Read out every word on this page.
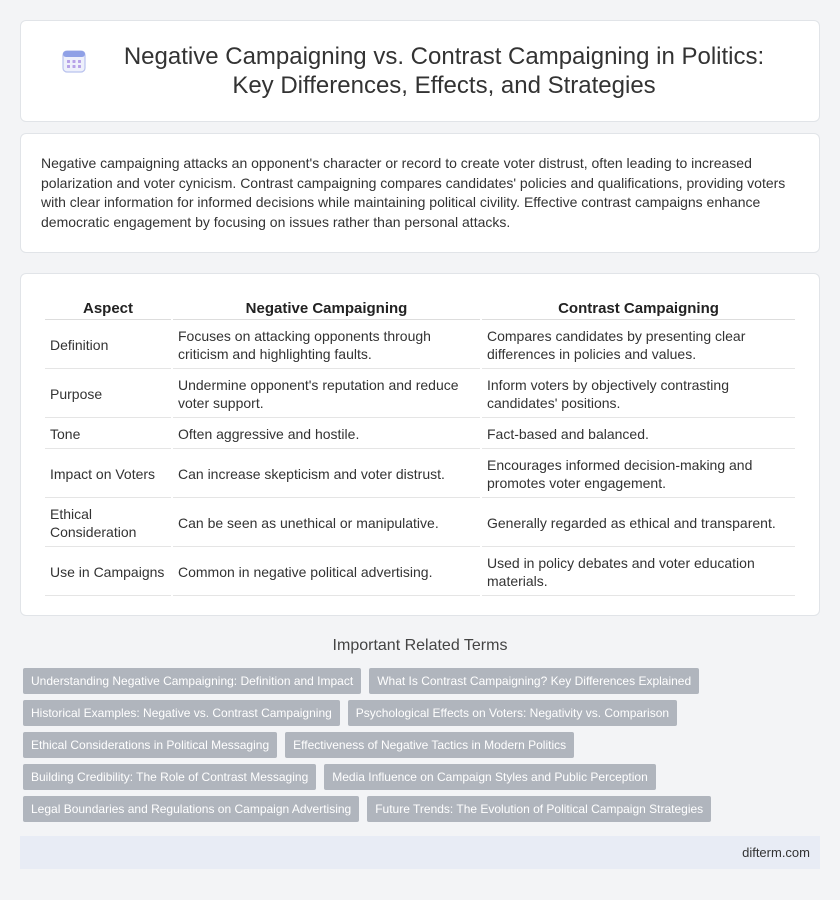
Negative Campaigning vs. Contrast Campaigning in Politics: Key Differences, Effects, and Strategies

Negative campaigning attacks an opponent's character or record to create voter distrust, often leading to increased polarization and voter cynicism. Contrast campaigning compares candidates' policies and qualifications, providing voters with clear information for informed decisions while maintaining political civility. Effective contrast campaigns enhance democratic engagement by focusing on issues rather than personal attacks.

Aspect	Negative Campaigning	Contrast Campaigning
Definition	Focuses on attacking opponents through criticism and highlighting faults.	Compares candidates by presenting clear differences in policies and values.
Purpose	Undermine opponent's reputation and reduce voter support.	Inform voters by objectively contrasting candidates' positions.
Tone	Often aggressive and hostile.	Fact-based and balanced.
Impact on Voters	Can increase skepticism and voter distrust.	Encourages informed decision-making and promotes voter engagement.
Ethical Consideration	Can be seen as unethical or manipulative.	Generally regarded as ethical and transparent.
Use in Campaigns	Common in negative political advertising.	Used in policy debates and voter education materials.
Important Related Terms
Understanding Negative Campaigning: Definition and Impact	What Is Contrast Campaigning? Key Differences Explained
Historical Examples: Negative vs. Contrast Campaigning	Psychological Effects on Voters: Negativity vs. Comparison
Ethical Considerations in Political Messaging	Effectiveness of Negative Tactics in Modern Politics
Building Credibility: The Role of Contrast Messaging	Media Influence on Campaign Styles and Public Perception
Legal Boundaries and Regulations on Campaign Advertising	Future Trends: The Evolution of Political Campaign Strategies
difterm.com
